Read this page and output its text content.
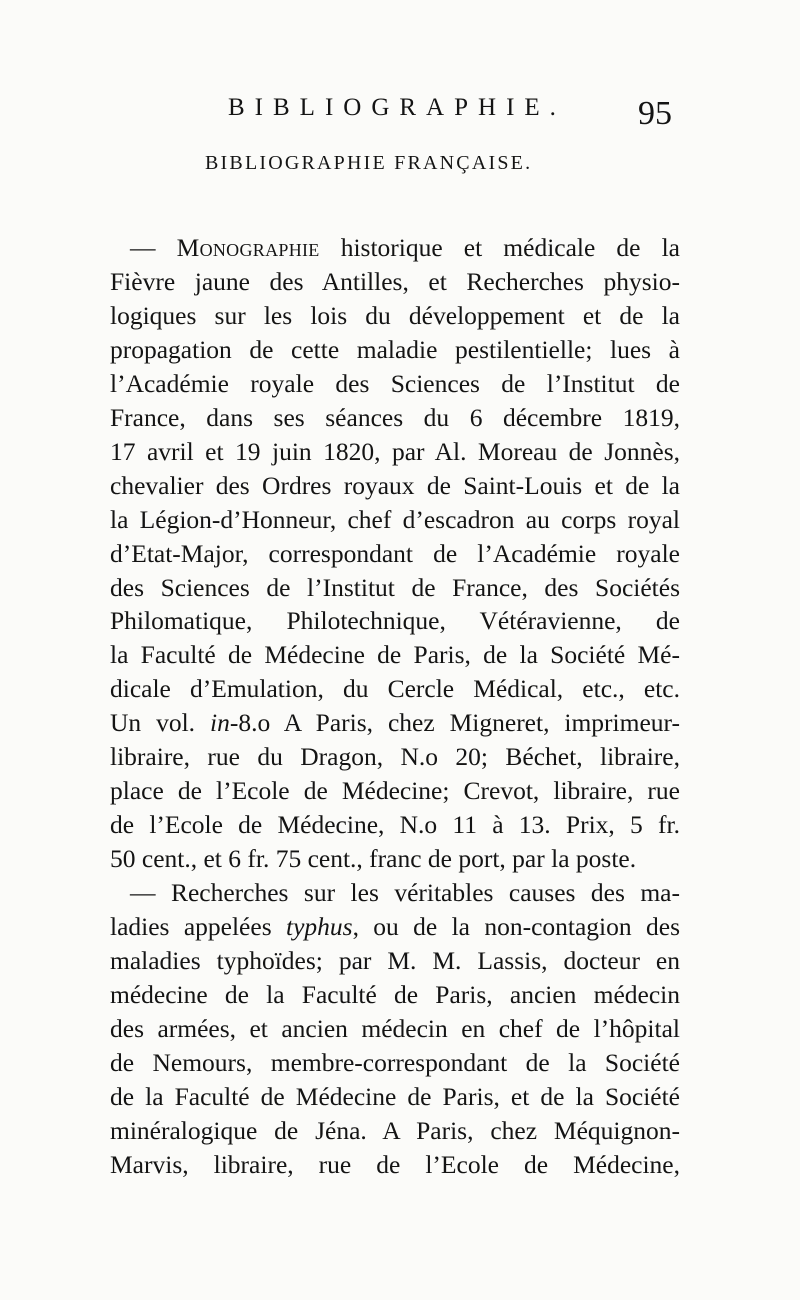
BIBLIOGRAPHIE. 95
BIBLIOGRAPHIE FRANÇAISE.
— Monographie historique et médicale de la
Fièvre jaune des Antilles, et Recherches physio-
logiques sur les lois du développement et de la
propagation de cette maladie pestilentielle; lues à
l’Académie royale des Sciences de l’Institut de
France, dans ses séances du 6 décembre 1819,
17 avril et 19 juin 1820, par Al. Moreau de Jonnès,
chevalier des Ordres royaux de Saint-Louis et de la
la Légion-d’Honneur, chef d’escadron au corps royal
d’Etat-Major, correspondant de l’Académie royale
des Sciences de l’Institut de France, des Sociétés
Philomatique, Philotechnique, Vétéravienne, de
la Faculté de Médecine de Paris, de la Société Mé-
dicale d’Emulation, du Cercle Médical, etc., etc.
Un vol. in-8.o A Paris, chez Migneret, imprimeur-
libraire, rue du Dragon, N.o 20; Béchet, libraire,
place de l’Ecole de Médecine; Crevot, libraire, rue
de l’Ecole de Médecine, N.o 11 à 13. Prix, 5 fr.
50 cent., et 6 fr. 75 cent., franc de port, par la poste.
— Recherches sur les véritables causes des ma-
ladies appelées typhus, ou de la non-contagion des
maladies typhoïdes; par M. M. Lassis, docteur en
médecine de la Faculté de Paris, ancien médecin
des armées, et ancien médecin en chef de l’hôpital
de Nemours, membre-correspondant de la Société
de la Faculté de Médecine de Paris, et de la Société
minéralogique de Jéna. A Paris, chez Méquignon-
Marvis, libraire, rue de l’Ecole de Médecine,
